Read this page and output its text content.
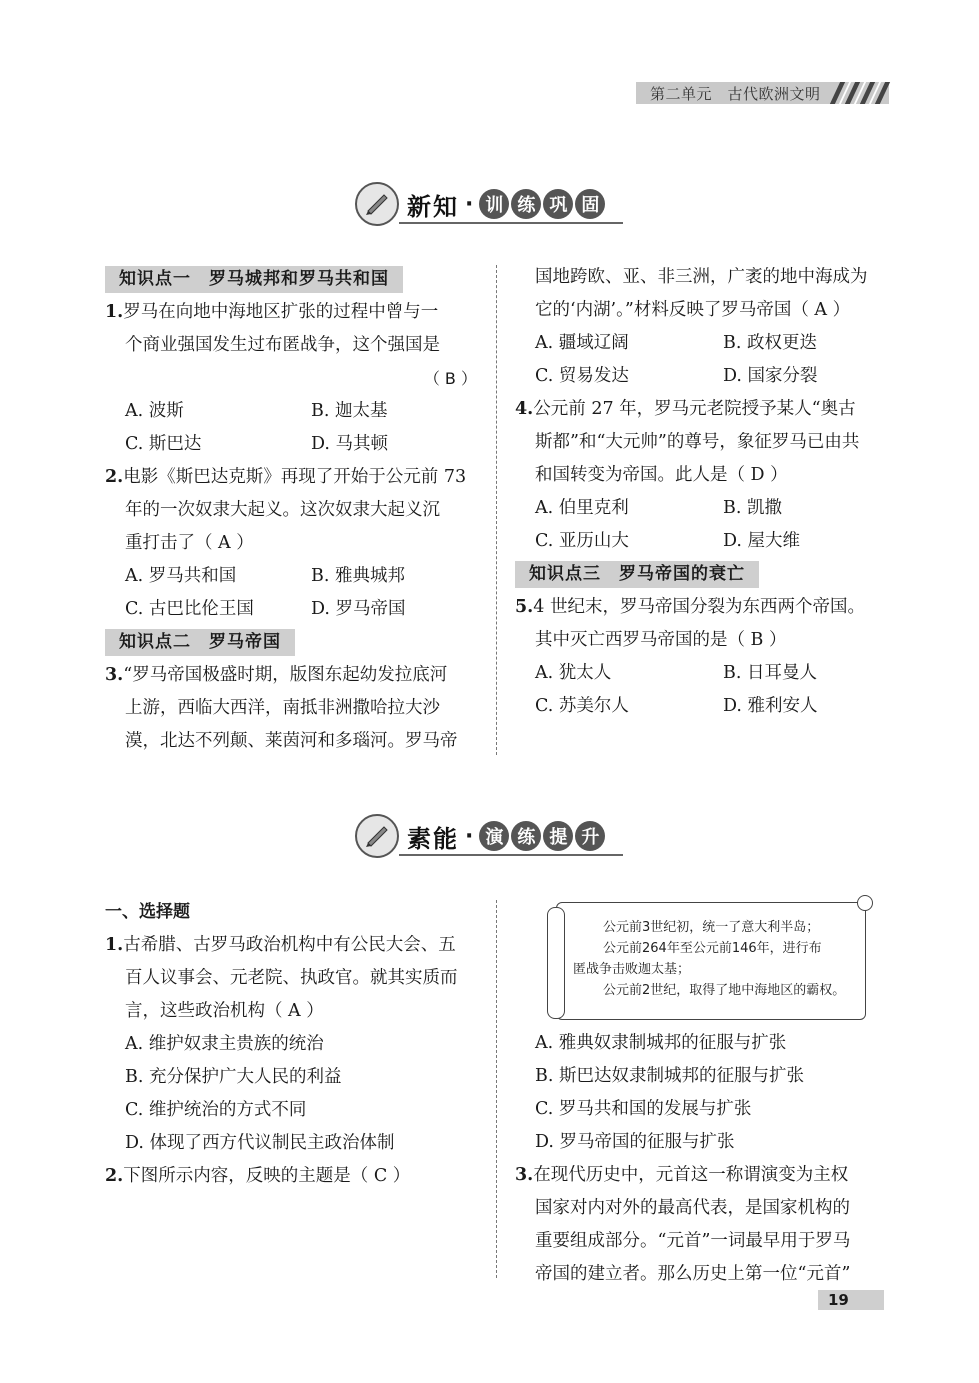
第二单元　古代欧洲文明
新知 · 训 练 巩 固
知识点一　罗马城邦和罗马共和国

1.罗马在向地中海地区扩张的过程中曾与一

个商业强国发生过布匿战争，这个强国是

（ B ）

A. 波斯	B. 迦太基
C. 斯巴达	D. 马其顿

2.电影《斯巴达克斯》再现了开始于公元前 73

年的一次奴隶大起义。这次奴隶大起义沉

重打击了（ A ）

A. 罗马共和国	B. 雅典城邦
C. 古巴比伦王国	D. 罗马帝国
知识点二　罗马帝国

3.“罗马帝国极盛时期，版图东起幼发拉底河

上游，西临大西洋，南抵非洲撒哈拉大沙

漠，北达不列颠、莱茵河和多瑙河。罗马帝

国地跨欧、亚、非三洲，广袤的地中海成为

它的‘内湖’。”材料反映了罗马帝国（ A ）

A. 疆域辽阔	B. 政权更迭
C. 贸易发达	D. 国家分裂

4.公元前 27 年，罗马元老院授予某人“奥古

斯都”和“大元帅”的尊号，象征罗马已由共

和国转变为帝国。此人是（ D ）

A. 伯里克利	B. 凯撒
C. 亚历山大	D. 屋大维
知识点三　罗马帝国的衰亡

5.4 世纪末，罗马帝国分裂为东西两个帝国。

其中灭亡西罗马帝国的是（ B ）

A. 犹太人	B. 日耳曼人
C. 苏美尔人	D. 雅利安人
素能 · 演 练 提 升

一、选择题

1.古希腊、古罗马政治机构中有公民大会、五

百人议事会、元老院、执政官。就其实质而

言，这些政治机构（ A ）

A. 维护奴隶主贵族的统治

B. 充分保护广大人民的利益

C. 维护统治的方式不同

D. 体现了西方代议制民主政治体制

2.下图所示内容，反映的主题是（ C ）

公元前3世纪初，统一了意大利半岛；

公元前264年至公元前146年，进行布

匿战争击败迦太基；

公元前2世纪，取得了地中海地区的霸权。

A. 雅典奴隶制城邦的征服与扩张

B. 斯巴达奴隶制城邦的征服与扩张

C. 罗马共和国的发展与扩张

D. 罗马帝国的征服与扩张

3.在现代历史中，元首这一称谓演变为主权

国家对内对外的最高代表，是国家机构的

重要组成部分。“元首”一词最早用于罗马

帝国的建立者。那么历史上第一位“元首”

19
